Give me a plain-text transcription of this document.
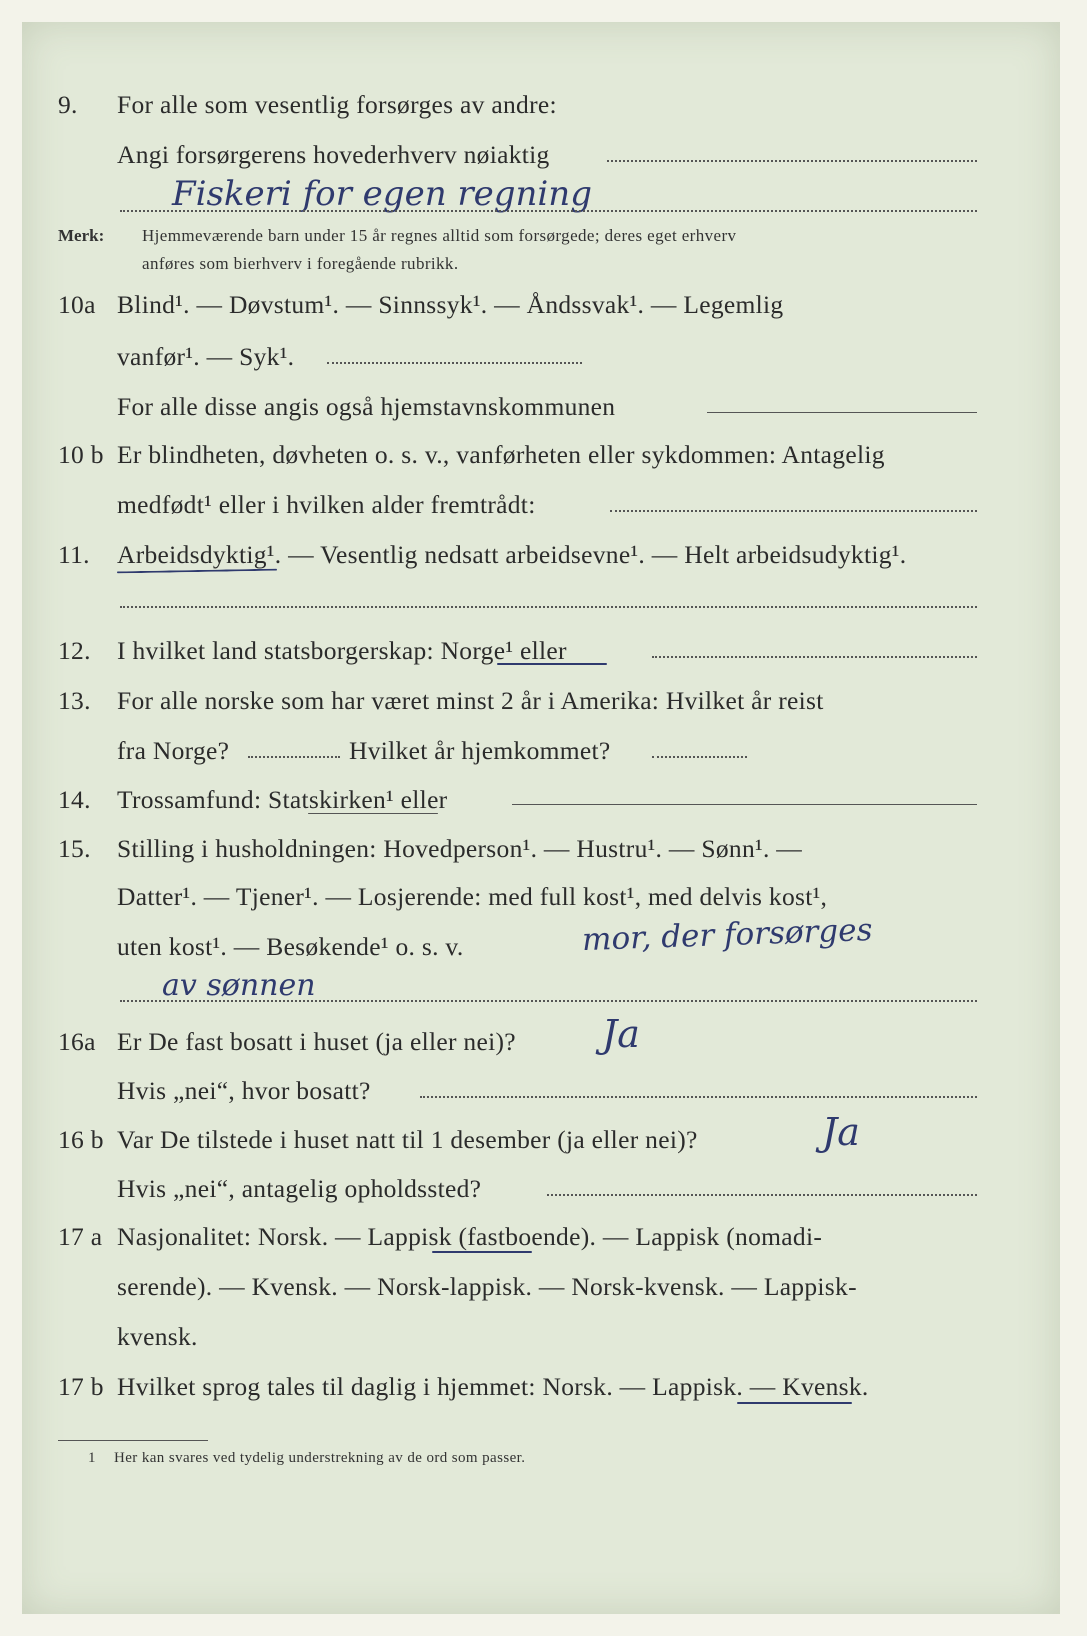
9. For alle som vesentlig forsørges av andre:
Angi forsørgerens hovederhverv nøiaktig
Fiskeri for egen regning
Merk: Hjemmeværende barn under 15 år regnes alltid som forsørgede; deres eget erhverv
anføres som bierhverv i foregående rubrikk.
10a Blind¹. — Døvstum¹. — Sinnssyk¹. — Åndssvak¹. — Legemlig
vanfør¹. — Syk¹.
For alle disse angis også hjemstavnskommunen
10 b Er blindheten, døvheten o. s. v., vanførheten eller sykdommen: Antagelig
medfødt¹ eller i hvilken alder fremtrådt:
11. Arbeidsdyktig¹. — Vesentlig nedsatt arbeidsevne¹. — Helt arbeidsudyktig¹.
12. I hvilket land statsborgerskap: Norge¹ eller
13. For alle norske som har været minst 2 år i Amerika: Hvilket år reist
fra Norge?	Hvilket år hjemkommet?
14. Trossamfund: Statskirken¹ eller
15. Stilling i husholdningen: Hovedperson¹. — Hustru¹. — Sønn¹. —
Datter¹. — Tjener¹. — Losjerende: med full kost¹, med delvis kost¹,
uten kost¹. — Besøkende¹ o. s. v.	mor, der forsørges
av sønnen
16a Er De fast bosatt i huset (ja eller nei)? Ja
Hvis „nei“, hvor bosatt?
16 b Var De tilstede i huset natt til 1 desember (ja eller nei)?	Ja
Hvis „nei“, antagelig opholdssted?
17 a Nasjonalitet: Norsk. — Lappisk (fastboende). — Lappisk (nomadi-
serende). — Kvensk. — Norsk-lappisk. — Norsk-kvensk. — Lappisk-
kvensk.
17 b Hvilket sprog tales til daglig i hjemmet: Norsk. — Lappisk. — Kvensk.
1 Her kan svares ved tydelig understrekning av de ord som passer.
